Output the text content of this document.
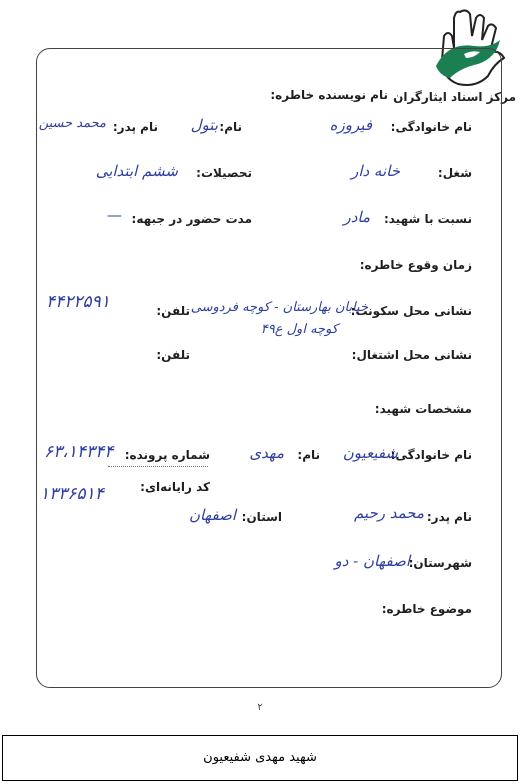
مرکز اسناد ایثارگران
نام نویسنده خاطره:
نام خانوادگی:
فیروزه
نام:
بتول
نام پدر:
محمد حسین
شغل:
خانه دار
تحصیلات:
ششم ابتدایی
نسبت با شهید:
مادر
مدت حضور در جبهه:
—
زمان وقوع خاطره:
نشانی محل سکونت:
خیابان بهارستان - کوچه فردوسی
کوچه اول ع۴۹
تلفن:
۴۴۲۲۵۹۱
نشانی محل اشتغال:
تلفن:
مشخصات شهید:
نام خانوادگی:
شفیعیون
نام:
مهدی
شماره پرونده:
۶۳،۱۴۳۴۴
کد رایانه‌ای:
۱۳۳۶۵۱۴
نام پدر:
محمد رحیم
استان:
اصفهان
شهرستان:
اصفهان - دو
موضوع خاطره:
۲
شهید مهدی شفیعیون
